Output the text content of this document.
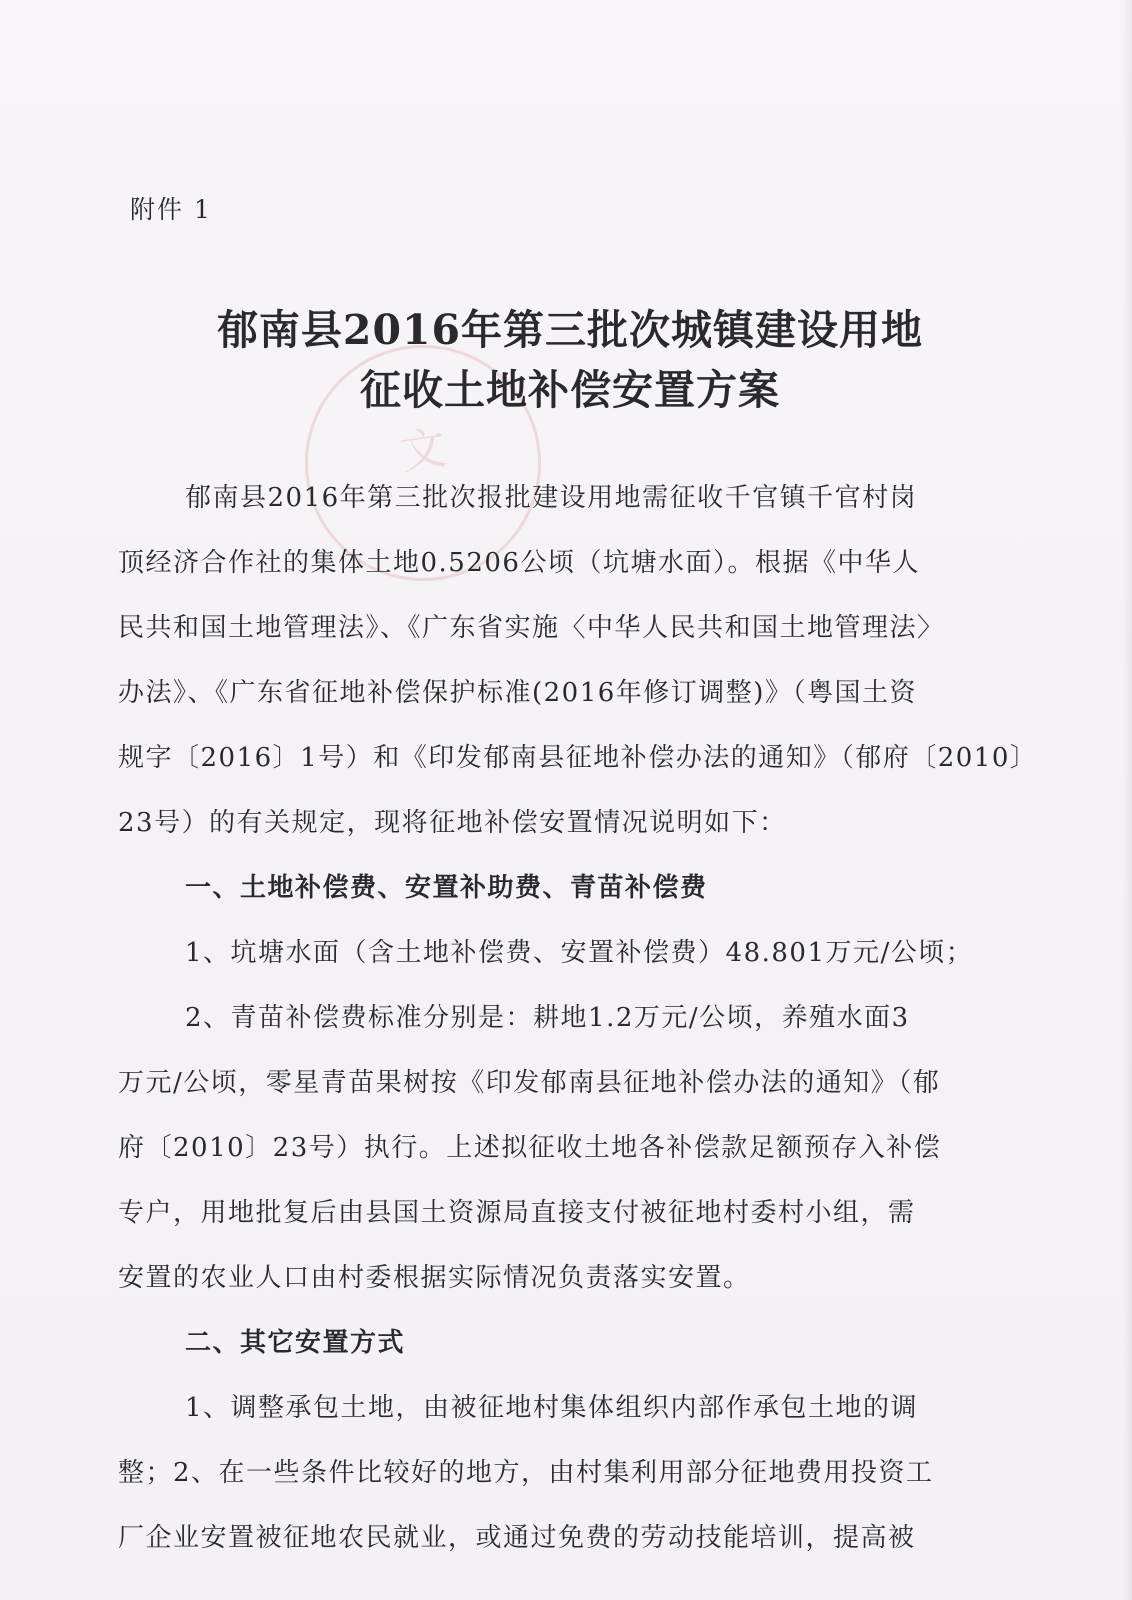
文
附件 1
郁南县2016年第三批次城镇建设用地
征收土地补偿安置方案
郁南县2016年第三批次报批建设用地需征收千官镇千官村岗
顶经济合作社的集体土地0.5206公顷（坑塘水面）。根据《中华人
民共和国土地管理法》、《广东省实施〈中华人民共和国土地管理法〉
办法》、《广东省征地补偿保护标准(2016年修订调整)》（粤国土资
规字〔2016〕1号）和《印发郁南县征地补偿办法的通知》（郁府〔2010〕
23号）的有关规定，现将征地补偿安置情况说明如下：
一、土地补偿费、安置补助费、青苗补偿费
1、坑塘水面（含土地补偿费、安置补偿费）48.801万元/公顷；
2、青苗补偿费标准分别是：耕地1.2万元/公顷，养殖水面3
万元/公顷，零星青苗果树按《印发郁南县征地补偿办法的通知》（郁
府〔2010〕23号）执行。上述拟征收土地各补偿款足额预存入补偿
专户，用地批复后由县国土资源局直接支付被征地村委村小组，需
安置的农业人口由村委根据实际情况负责落实安置。
二、其它安置方式
1、调整承包土地，由被征地村集体组织内部作承包土地的调
整；2、在一些条件比较好的地方，由村集利用部分征地费用投资工
厂企业安置被征地农民就业，或通过免费的劳动技能培训，提高被
